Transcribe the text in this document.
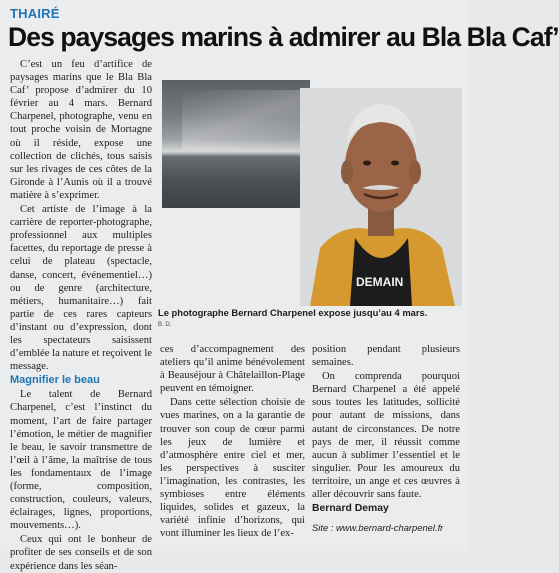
THAIRÉ
Des paysages marins à admirer au Bla Bla Caf’

C’est un feu d’artifice de paysages marins que le Bla Bla Caf’ propose d’admirer du 10 février au 4 mars. Bernard Charpenel, photographe, venu en tout proche voisin de Mortagne où il réside, expose une collection de clichés, tous saisis sur les rivages de ces côtes de la Gironde à l’Aunis où il a trouvé matière à s’exprimer.

Cet artiste de l’image à la carrière de reporter-photographe, professionnel aux multiples facettes, du reportage de presse à celui de plateau (spectacle, danse, concert, événementiel…) ou de genre (architecture, métiers, humanitaire…) fait partie de ces rares capteurs d’instant ou d’expression, dont les spectateurs saisissent d’emblée la nature et reçoivent le message.

Magnifier le beau

Le talent de Bernard Charpenel, c’est l’instinct du moment, l’art de faire partager l’émotion, le métier de magnifier le beau, le savoir transmettre de l’œil à l’âme, la maîtrise de tous les fondamentaux de l’image (forme, composition, construction, couleurs, valeurs, éclairages, lignes, proportions, mouvements…).

Ceux qui ont le bonheur de profiter de ses conseils et de son expérience dans les séan-

DEMAIN
Le photographe Bernard Charpenel expose jusqu’au 4 mars.
B. D.

ces d’accompagnement des ateliers qu’il anime bénévolement à Beauséjour à Châtelaillon-Plage peuvent en témoigner.

Dans cette sélection choisie de vues marines, on a la garantie de trouver son coup de cœur parmi les jeux de lumière et d’atmosphère entre ciel et mer, les perspectives à susciter l’imagination, les contrastes, les symbioses entre éléments liquides, solides et gazeux, la variété infinie d’horizons, qui vont illuminer les lieux de l’ex-

position pendant plusieurs semaines.

On comprenda pourquoi Bernard Charpenel a été appelé sous toutes les latitudes, sollicité pour autant de missions, dans autant de circonstances. De notre pays de mer, il réussit comme aucun à sublimer l’essentiel et le singulier. Pour les amoureux du territoire, un ange et ces œuvres à aller découvrir sans faute.

Bernard Demay

Site : www.bernard-charpenel.fr
